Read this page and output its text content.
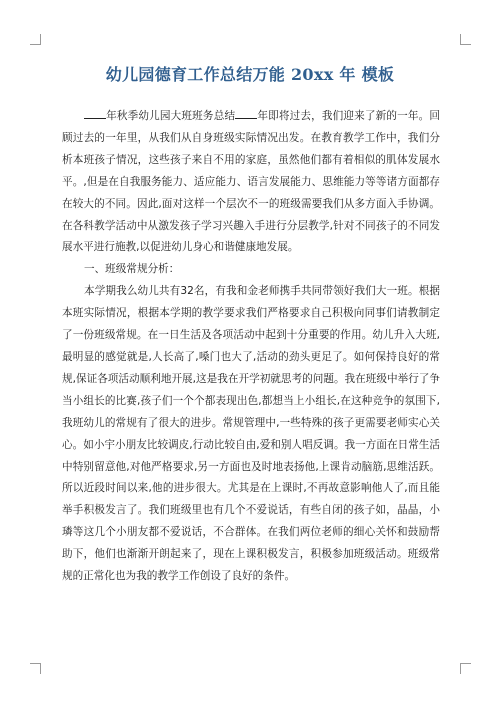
幼儿园德育工作总结万能 20xx 年 模板

年秋季幼儿园大班班务总结 年即将过去，我们迎来了新的一年。回顾过去的一年里，从我们从自身班级实际情况出发。在教育教学工作中，我们分析本班孩子情况，这些孩子来自不用的家庭，虽然他们都有着相似的肌体发展水平。,但是在自我服务能力、适应能力、语言发展能力、思维能力等等诸方面都存在较大的不同。因此,面对这样一个层次不一的班级需要我们从多方面入手协调。在各科教学活动中从激发孩子学习兴趣入手进行分层教学,针对不同孩子的不同发展水平进行施教,以促进幼儿身心和谐健康地发展。

一、班级常规分析：

本学期我么幼儿共有32名，有我和金老师携手共同带领好我们大一班。根据本班实际情况，根据本学期的教学要求我们严格要求自己积极向同事们请教制定了一份班级常规。在一日生活及各项活动中起到十分重要的作用。幼儿升入大班,最明显的感觉就是,人长高了,嗓门也大了,活动的劲头更足了。如何保持良好的常规,保证各项活动顺利地开展,这是我在开学初就思考的问题。我在班级中举行了争当小组长的比赛,孩子们一个个都表现出色,都想当上小组长,在这种竞争的氛围下,我班幼儿的常规有了很大的进步。常规管理中,一些特殊的孩子更需要老师实心关心。如小宇小朋友比较调皮,行动比较自由,爱和别人唱反调。我一方面在日常生活中特别留意他,对他严格要求,另一方面也及时地表扬他,上课肯动脑筋,思维活跃。所以近段时间以来,他的进步很大。尤其是在上课时,不再故意影响他人了,而且能举手积极发言了。我们班级里也有几个不爱说话，有些自闭的孩子如，晶晶，小璘等这几个小朋友都不爱说话，不合群体。在我们两位老师的细心关怀和鼓励帮助下，他们也渐渐开朗起来了，现在上课积极发言，积极参加班级活动。班级常规的正常化也为我的教学工作创设了良好的条件。
